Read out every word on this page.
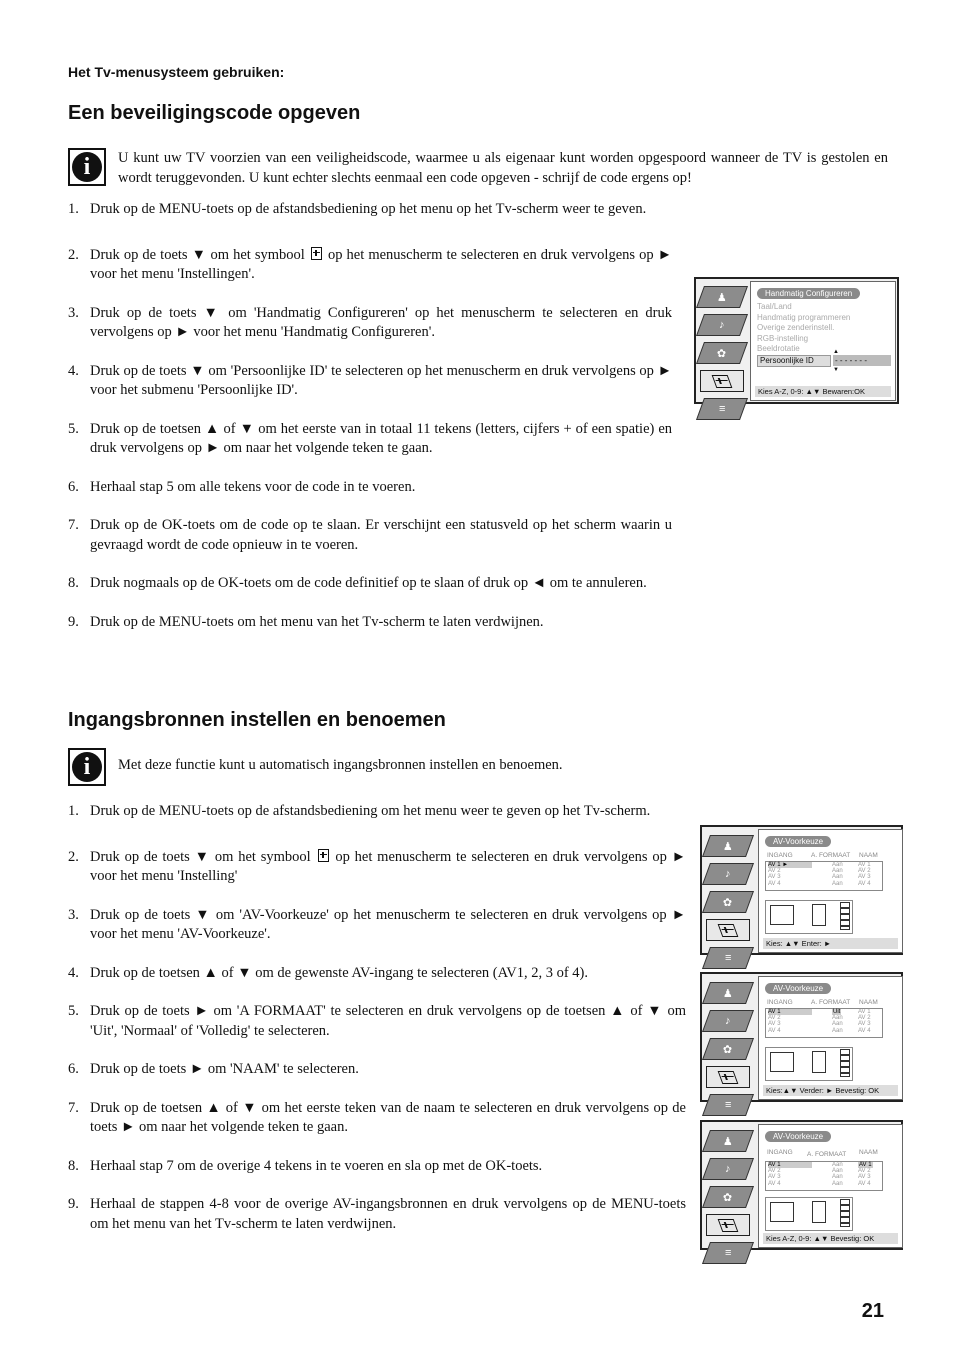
Het Tv-menusysteem gebruiken:
Een beveiligingscode opgeven
i	U kunt uw TV voorzien van een veiligheidscode, waarmee u als eigenaar kunt worden opgespoord wanneer de TV is gestolen en wordt teruggevonden. U kunt echter slechts eenmaal een code opgeven - schrijf de code ergens op!
1. Druk op de MENU-toets op de afstandsbediening op het menu op het Tv-scherm weer te geven.
2. Druk op de toets ▼ om het symbool op het menuscherm te selecteren en druk vervolgens op ► voor het menu 'Instellingen'.
3. Druk op de toets ▼ om 'Handmatig Configureren' op het menuscherm te selecteren en druk vervolgens op ► voor het menu 'Handmatig Configureren'.
4. Druk op de toets ▼ om 'Persoonlijke ID' te selecteren op het menuscherm en druk vervolgens op ► voor het submenu 'Persoonlijke ID'.
5. Druk op de toetsen ▲ of ▼ om het eerste van in totaal 11 tekens (letters, cijfers + of een spatie) en druk vervolgens op ► om naar het volgende teken te gaan.
6. Herhaal stap 5 om alle tekens voor de code in te voeren.
7. Druk op de OK-toets om de code op te slaan. Er verschijnt een statusveld op het scherm waarin u gevraagd wordt de code opnieuw in te voeren.
8. Druk nogmaals op de OK-toets om de code definitief op te slaan of druk op ◄ om te annuleren.
9. Druk op de MENU-toets om het menu van het Tv-scherm te laten verdwijnen.
♟
♪
✿
≡
Handmatig Configureren
Taal/Land
Handmatig programmeren
Overige zenderinstell.
RGB-instelling
Beeldrotatie
Persoonlijke ID
▲
- - - - - - -
▼
Kies A-Z, 0-9: ▲▼ Bewaren:OK
Ingangsbronnen instellen en benoemen
i	Met deze functie kunt u automatisch ingangsbronnen instellen en benoemen.
1. Druk op de MENU-toets op de afstandsbediening om het menu weer te geven op het Tv-scherm.
2. Druk op de toets ▼ om het symbool op het menuscherm te selecteren en druk vervolgens op ► voor het menu 'Instelling'
3. Druk op de toets ▼ om 'AV-Voorkeuze' op het menuscherm te selecteren en druk vervolgens op ► voor het menu 'AV-Voorkeuze'.
4. Druk op de toetsen ▲ of ▼ om de gewenste AV-ingang te selecteren (AV1, 2, 3 of 4).
5. Druk op de toets ► om 'A FORMAAT' te selecteren en druk vervolgens op de toetsen ▲ of ▼ om 'Uit', 'Normaal' of 'Volledig' te selecteren.
6. Druk op de toets ► om 'NAAM' te selecteren.
7. Druk op de toetsen ▲ of ▼ om het eerste teken van de naam te selecteren en druk vervolgens op de toets ► om naar het volgende teken te gaan.
8. Herhaal stap 7 om de overige 4 tekens in te voeren en sla op met de OK-toets.
9. Herhaal de stappen 4-8 voor de overige AV-ingangsbronnen en druk vervolgens op de MENU-toets om het menu van het Tv-scherm te laten verdwijnen.
♟
♪
✿
≡
AV-Voorkeuze
INGANG	A. FORMAAT NAAM
AV 1 ►	Aan	AV 1
AV 2	Aan	AV 2
AV 3	Aan	AV 3
AV 4	Aan	AV 4
Kies: ▲▼ Enter: ►
♟
♪
✿
≡
AV-Voorkeuze
INGANG	A. FORMAAT NAAM
AV 1	Uit	AV 1
AV 2	Aan	AV 2
AV 3	Aan	AV 3
AV 4	Aan	AV 4
Kies:▲▼ Verder: ► Bevestig: OK
♟
♪
✿
≡
AV-Voorkeuze
INGANG A. FORMAAT NAAM
AV 1	Aan	AV 1
AV 2	Aan	AV 2
AV 3	Aan	AV 3
AV 4	Aan	AV 4
Kies A-Z, 0-9: ▲▼ Bevestig: OK
21
